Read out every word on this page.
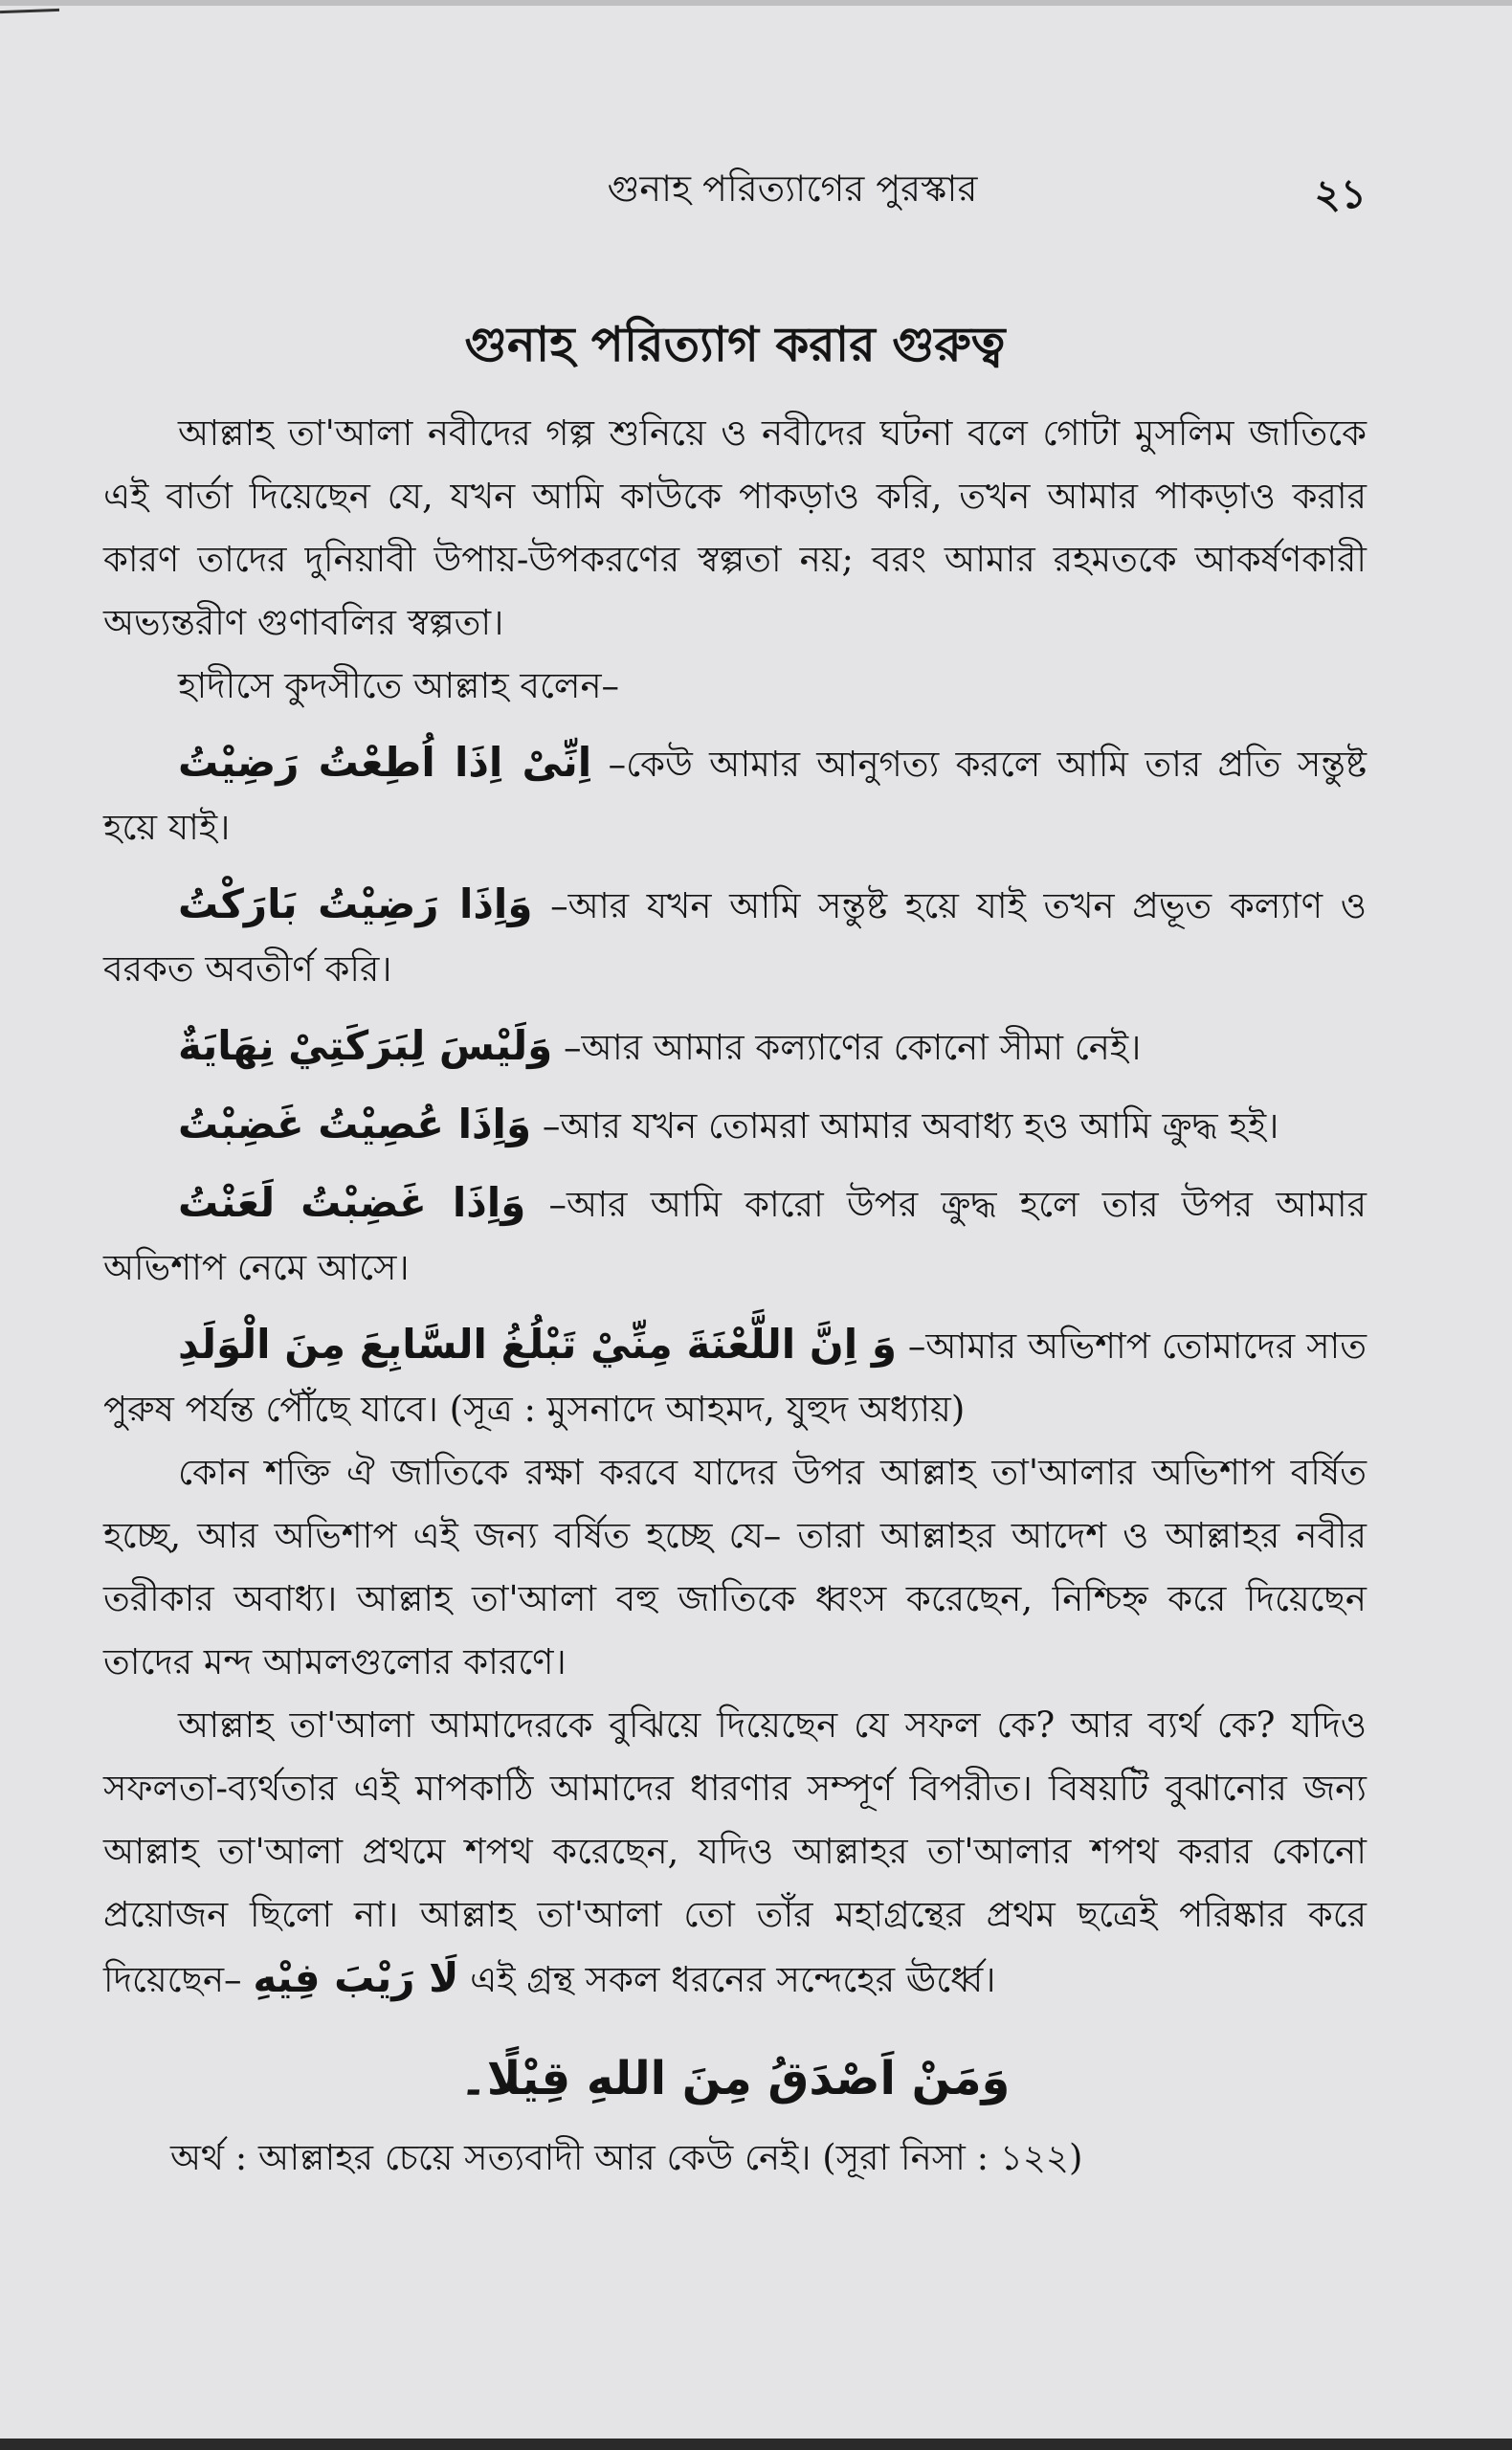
গুনাহ পরিত্যাগের পুরস্কার	২১
গুনাহ পরিত্যাগ করার গুরুত্ব

আল্লাহ তা'আলা নবীদের গল্প শুনিয়ে ও নবীদের ঘটনা বলে গোটা মুসলিম জাতিকে এই বার্তা দিয়েছেন যে, যখন আমি কাউকে পাকড়াও করি, তখন আমার পাকড়াও করার কারণ তাদের দুনিয়াবী উপায়-উপকরণের স্বল্পতা নয়; বরং আমার রহমতকে আকর্ষণকারী অভ্যন্তরীণ গুণাবলির স্বল্পতা।

হাদীসে কুদসীতে আল্লাহ বলেন–

اِنِّیْ اِذَا اُطِعْتُ رَضِیْتُ –কেউ আমার আনুগত্য করলে আমি তার প্রতি সন্তুষ্ট হয়ে যাই।

وَاِذَا رَضِیْتُ بَارَكْتُ –আর যখন আমি সন্তুষ্ট হয়ে যাই তখন প্রভূত কল্যাণ ও বরকত অবতীর্ণ করি।

وَلَيْسَ لِبَرَكَتِيْ نِهَايَةٌ –আর আমার কল্যাণের কোনো সীমা নেই।

وَاِذَا عُصِیْتُ غَضِبْتُ –আর যখন তোমরা আমার অবাধ্য হও আমি ক্রুদ্ধ হই।

وَاِذَا غَضِبْتُ لَعَنْتُ –আর আমি কারো উপর ক্রুদ্ধ হলে তার উপর আমার অভিশাপ নেমে আসে।

وَ اِنَّ اللَّعْنَةَ مِنِّيْ تَبْلُغُ السَّابِعَ مِنَ الْوَلَدِ –আমার অভিশাপ তোমাদের সাত পুরুষ পর্যন্ত পৌঁছে যাবে। (সূত্র : মুসনাদে আহমদ, যুহুদ অধ্যায়)

কোন শক্তি ঐ জাতিকে রক্ষা করবে যাদের উপর আল্লাহ তা'আলার অভিশাপ বর্ষিত হচ্ছে, আর অভিশাপ এই জন্য বর্ষিত হচ্ছে যে– তারা আল্লাহর আদেশ ও আল্লাহর নবীর তরীকার অবাধ্য। আল্লাহ তা'আলা বহু জাতিকে ধ্বংস করেছেন, নিশ্চিহ্ন করে দিয়েছেন তাদের মন্দ আমলগুলোর কারণে।

আল্লাহ তা'আলা আমাদেরকে বুঝিয়ে দিয়েছেন যে সফল কে? আর ব্যর্থ কে? যদিও সফলতা-ব্যর্থতার এই মাপকাঠি আমাদের ধারণার সম্পূর্ণ বিপরীত। বিষয়টি বুঝানোর জন্য আল্লাহ তা'আলা প্রথমে শপথ করেছেন, যদিও আল্লাহর তা'আলার শপথ করার কোনো প্রয়োজন ছিলো না। আল্লাহ তা'আলা তো তাঁর মহাগ্রন্থের প্রথম ছত্রেই পরিষ্কার করে দিয়েছেন– لَا رَيْبَ فِيْهِ এই গ্রন্থ সকল ধরনের সন্দেহের ঊর্ধ্বে।

وَمَنْ اَصْدَقُ مِنَ اللهِ قِيْلًا۔

অর্থ : আল্লাহর চেয়ে সত্যবাদী আর কেউ নেই। (সূরা নিসা : ১২২)
